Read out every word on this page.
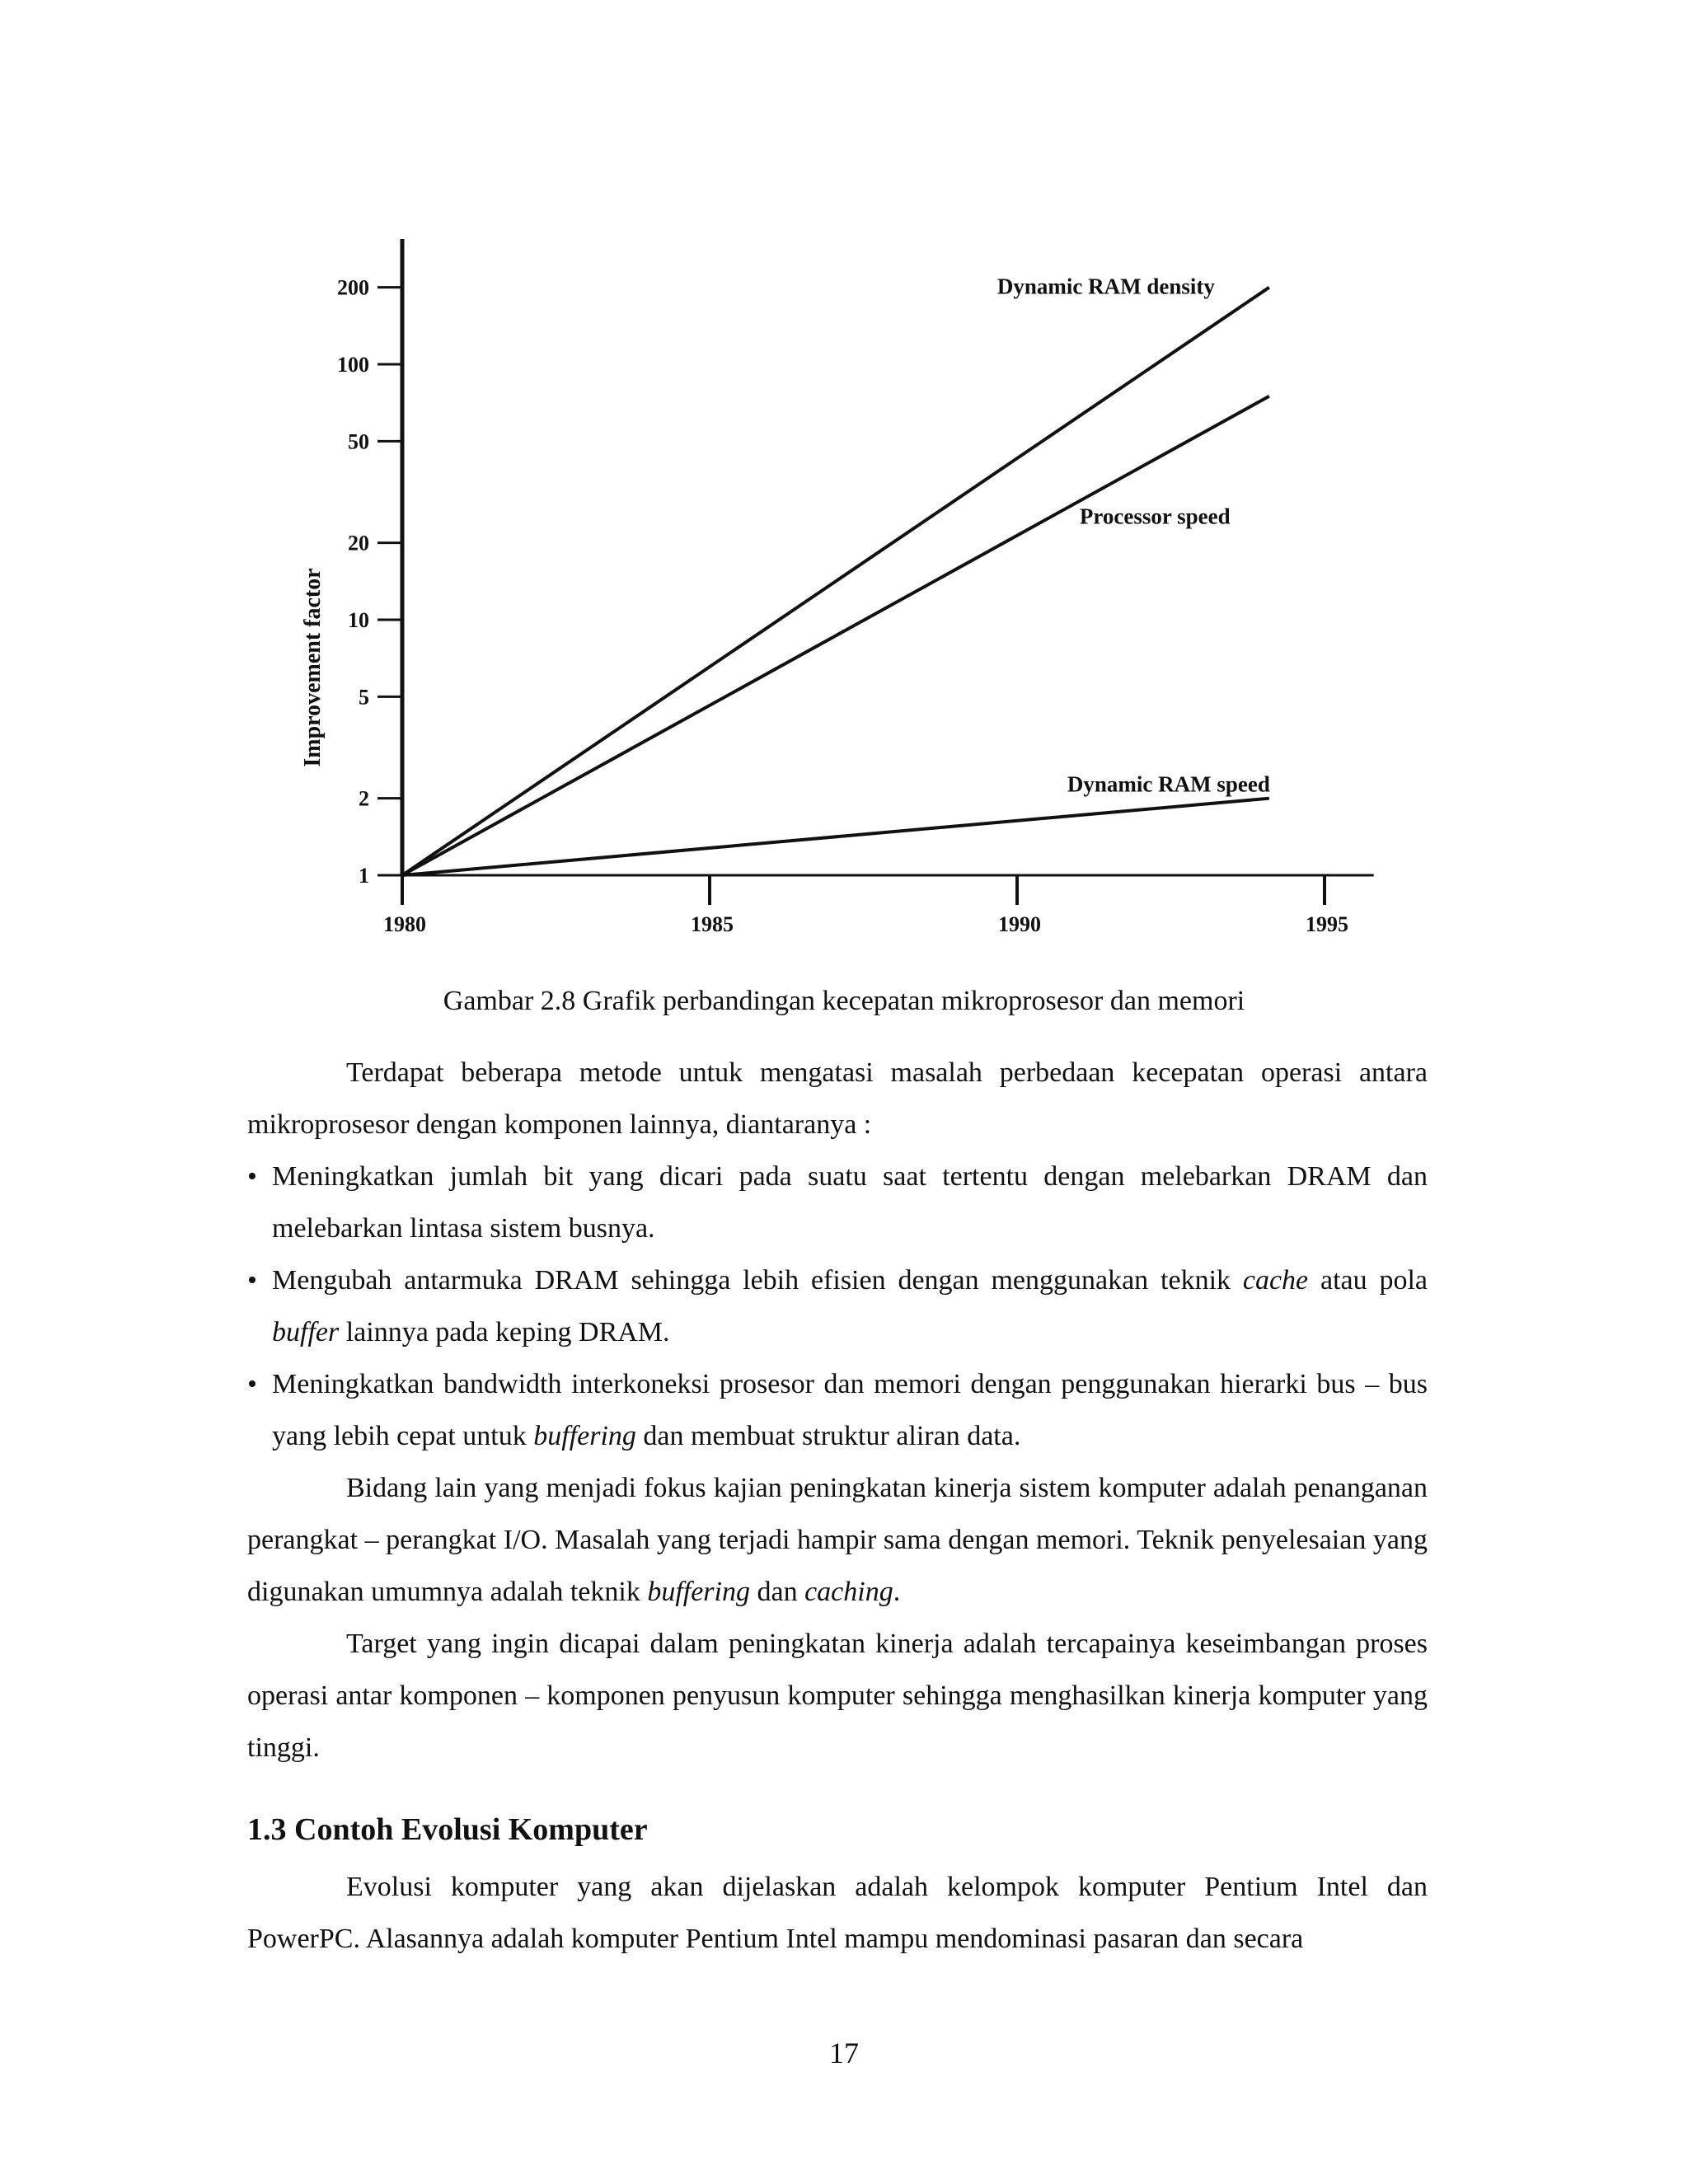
Improvement factor
1
2
5
10
20
50
100
200
1980	1985	1990	1995
Dynamic RAM density
Processor speed
Dynamic RAM speed
Gambar 2.8 Grafik perbandingan kecepatan mikroprosesor dan memori

Terdapat beberapa metode untuk mengatasi masalah perbedaan kecepatan operasi antara mikroprosesor dengan komponen lainnya, diantaranya :

• Meningkatkan jumlah bit yang dicari pada suatu saat tertentu dengan melebarkan DRAM dan melebarkan lintasa sistem busnya.
• Mengubah antarmuka DRAM sehingga lebih efisien dengan menggunakan teknik cache atau pola buffer lainnya pada keping DRAM.
• Meningkatkan bandwidth interkoneksi prosesor dan memori dengan penggunakan hierarki bus – bus yang lebih cepat untuk buffering dan membuat struktur aliran data.

Bidang lain yang menjadi fokus kajian peningkatan kinerja sistem komputer adalah penanganan perangkat – perangkat I/O. Masalah yang terjadi hampir sama dengan memori. Teknik penyelesaian yang digunakan umumnya adalah teknik buffering dan caching.

Target yang ingin dicapai dalam peningkatan kinerja adalah tercapainya keseimbangan proses operasi antar komponen – komponen penyusun komputer sehingga menghasilkan kinerja komputer yang tinggi.

1.3 Contoh Evolusi Komputer

Evolusi komputer yang akan dijelaskan adalah kelompok komputer Pentium Intel dan PowerPC. Alasannya adalah komputer Pentium Intel mampu mendominasi pasaran dan secara

17
